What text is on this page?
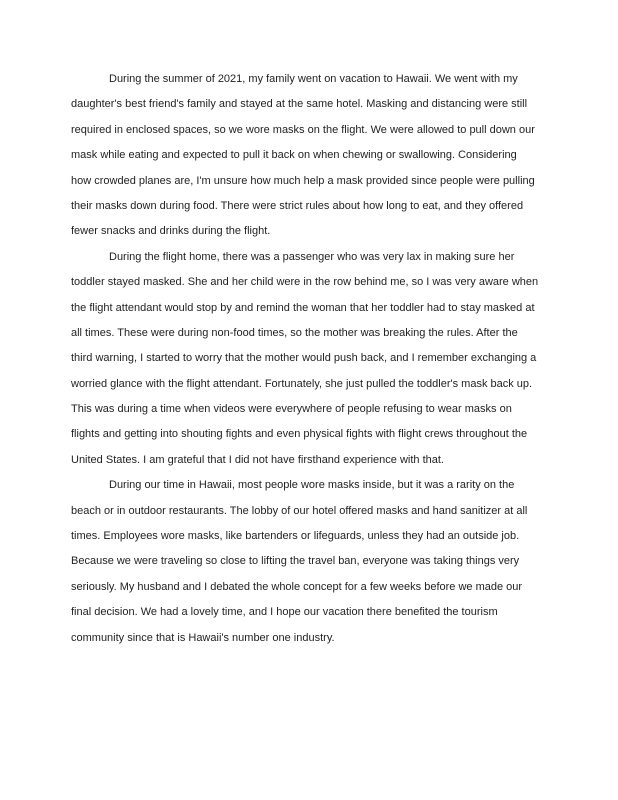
During the summer of 2021, my family went on vacation to Hawaii. We went with my
daughter's best friend's family and stayed at the same hotel. Masking and distancing were still
required in enclosed spaces, so we wore masks on the flight. We were allowed to pull down our
mask while eating and expected to pull it back on when chewing or swallowing. Considering
how crowded planes are, I'm unsure how much help a mask provided since people were pulling
their masks down during food. There were strict rules about how long to eat, and they offered
fewer snacks and drinks during the flight.
During the flight home, there was a passenger who was very lax in making sure her
toddler stayed masked. She and her child were in the row behind me, so I was very aware when
the flight attendant would stop by and remind the woman that her toddler had to stay masked at
all times. These were during non-food times, so the mother was breaking the rules. After the
third warning, I started to worry that the mother would push back, and I remember exchanging a
worried glance with the flight attendant. Fortunately, she just pulled the toddler's mask back up.
This was during a time when videos were everywhere of people refusing to wear masks on
flights and getting into shouting fights and even physical fights with flight crews throughout the
United States. I am grateful that I did not have firsthand experience with that.
During our time in Hawaii, most people wore masks inside, but it was a rarity on the
beach or in outdoor restaurants. The lobby of our hotel offered masks and hand sanitizer at all
times. Employees wore masks, like bartenders or lifeguards, unless they had an outside job.
Because we were traveling so close to lifting the travel ban, everyone was taking things very
seriously. My husband and I debated the whole concept for a few weeks before we made our
final decision. We had a lovely time, and I hope our vacation there benefited the tourism
community since that is Hawaii's number one industry.
